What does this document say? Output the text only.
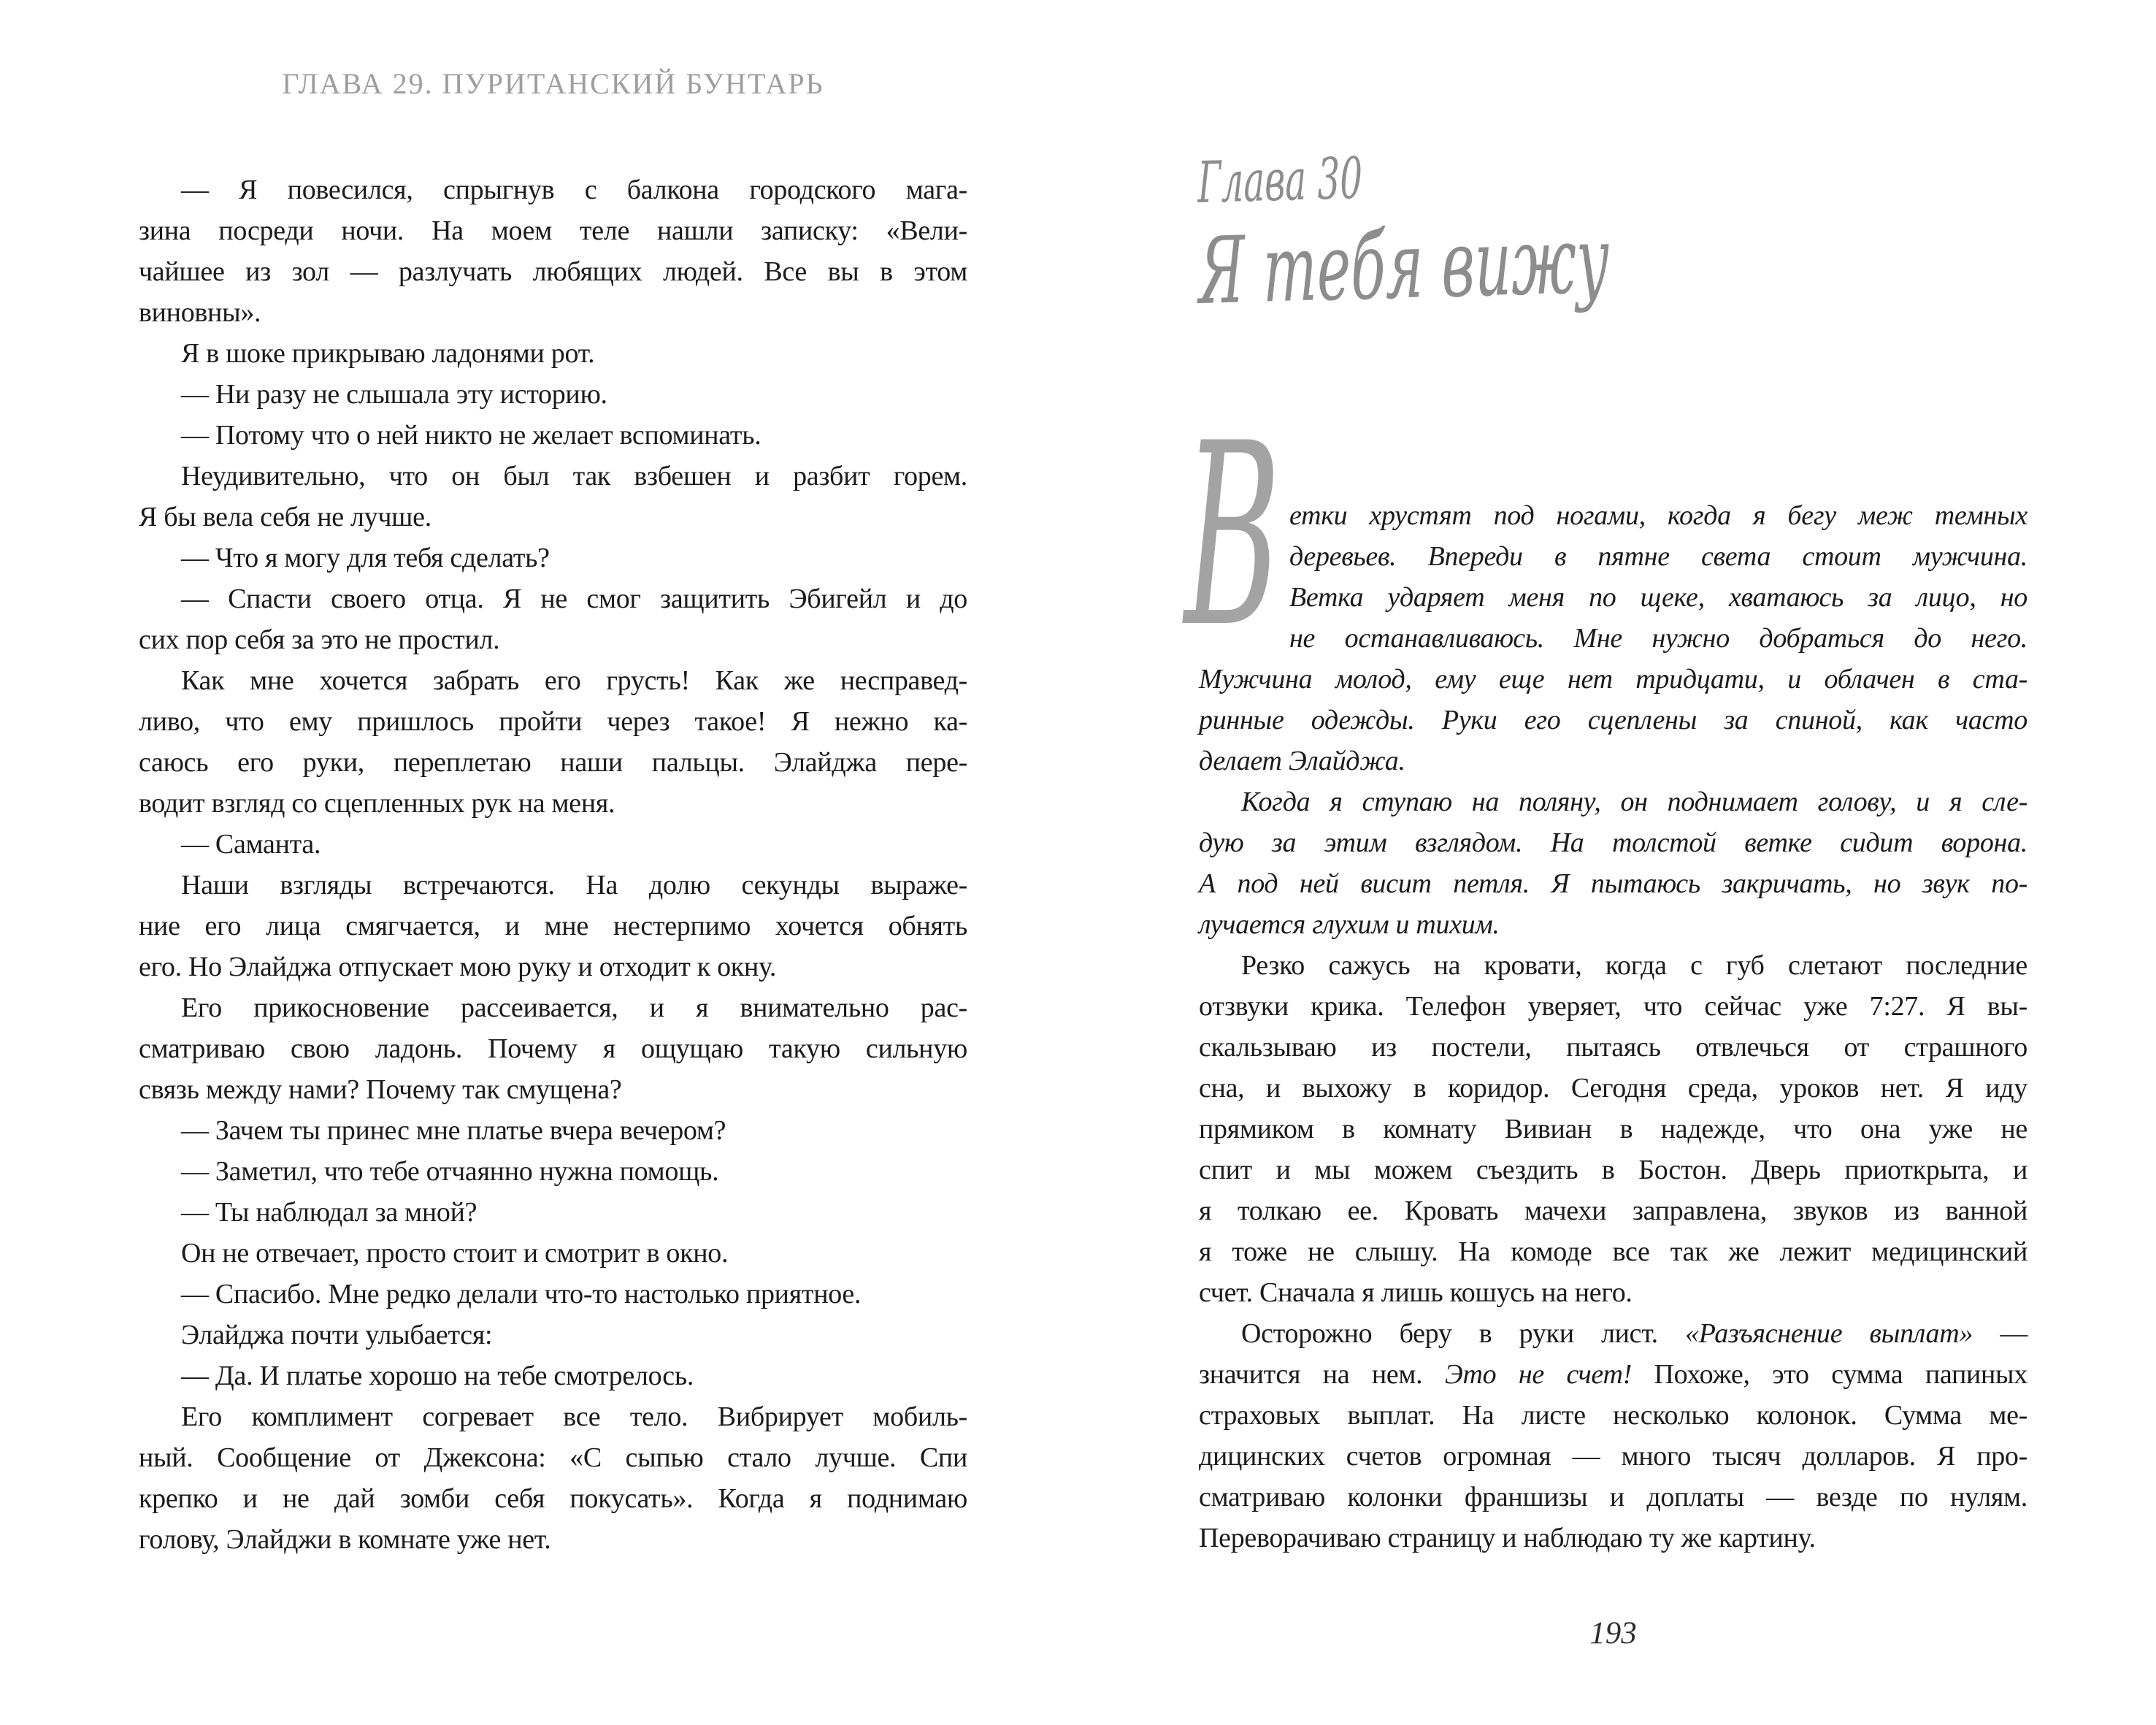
ГЛАВА 29. ПУРИТАНСКИЙ БУНТАРЬ
— Я повесился, спрыгнув с балкона городского мага-
зина посреди ночи. На моем теле нашли записку: «Вели-
чайшее из зол — разлучать любящих людей. Все вы в этом
виновны».
Я в шоке прикрываю ладонями рот.
— Ни разу не слышала эту историю.
— Потому что о ней никто не желает вспоминать.
Неудивительно, что он был так взбешен и разбит горем.
Я бы вела себя не лучше.
— Что я могу для тебя сделать?
— Спасти своего отца. Я не смог защитить Эбигейл и до
сих пор себя за это не простил.
Как мне хочется забрать его грусть! Как же несправед-
ливо, что ему пришлось пройти через такое! Я нежно ка-
саюсь его руки, переплетаю наши пальцы. Элайджа пере-
водит взгляд со сцепленных рук на меня.
— Саманта.
Наши взгляды встречаются. На долю секунды выраже-
ние его лица смягчается, и мне нестерпимо хочется обнять
его. Но Элайджа отпускает мою руку и отходит к окну.
Его прикосновение рассеивается, и я внимательно рас-
сматриваю свою ладонь. Почему я ощущаю такую сильную
связь между нами? Почему так смущена?
— Зачем ты принес мне платье вчера вечером?
— Заметил, что тебе отчаянно нужна помощь.
— Ты наблюдал за мной?
Он не отвечает, просто стоит и смотрит в окно.
— Спасибо. Мне редко делали что-то настолько приятное.
Элайджа почти улыбается:
— Да. И платье хорошо на тебе смотрелось.
Его комплимент согревает все тело. Вибрирует мобиль-
ный. Сообщение от Джексона: «С сыпью стало лучше. Спи
крепко и не дай зомби себя покусать». Когда я поднимаю
голову, Элайджи в комнате уже нет.
Глава 30
Я тебя вижу
В етки хрустят под ногами, когда я бегу меж темных
деревьев. Впереди в пятне света стоит мужчина.
Ветка ударяет меня по щеке, хватаюсь за лицо, но
не останавливаюсь. Мне нужно добраться до него.
Мужчина молод, ему еще нет тридцати, и облачен в ста-
ринные одежды. Руки его сцеплены за спиной, как часто
делает Элайджа.
Когда я ступаю на поляну, он поднимает голову, и я сле-
дую за этим взглядом. На толстой ветке сидит ворона.
А под ней висит петля. Я пытаюсь закричать, но звук по-
лучается глухим и тихим.
Резко сажусь на кровати, когда с губ слетают последние
отзвуки крика. Телефон уверяет, что сейчас уже 7:27. Я вы-
скальзываю из постели, пытаясь отвлечься от страшного
сна, и выхожу в коридор. Сегодня среда, уроков нет. Я иду
прямиком в комнату Вивиан в надежде, что она уже не
спит и мы можем съездить в Бостон. Дверь приоткрыта, и
я толкаю ее. Кровать мачехи заправлена, звуков из ванной
я тоже не слышу. На комоде все так же лежит медицинский
счет. Сначала я лишь кошусь на него.
Осторожно беру в руки лист. «Разъяснение выплат» —
значится на нем. Это не счет! Похоже, это сумма папиных
страховых выплат. На листе несколько колонок. Сумма ме-
дицинских счетов огромная — много тысяч долларов. Я про-
сматриваю колонки франшизы и доплаты — везде по нулям.
Переворачиваю страницу и наблюдаю ту же картину.
193
